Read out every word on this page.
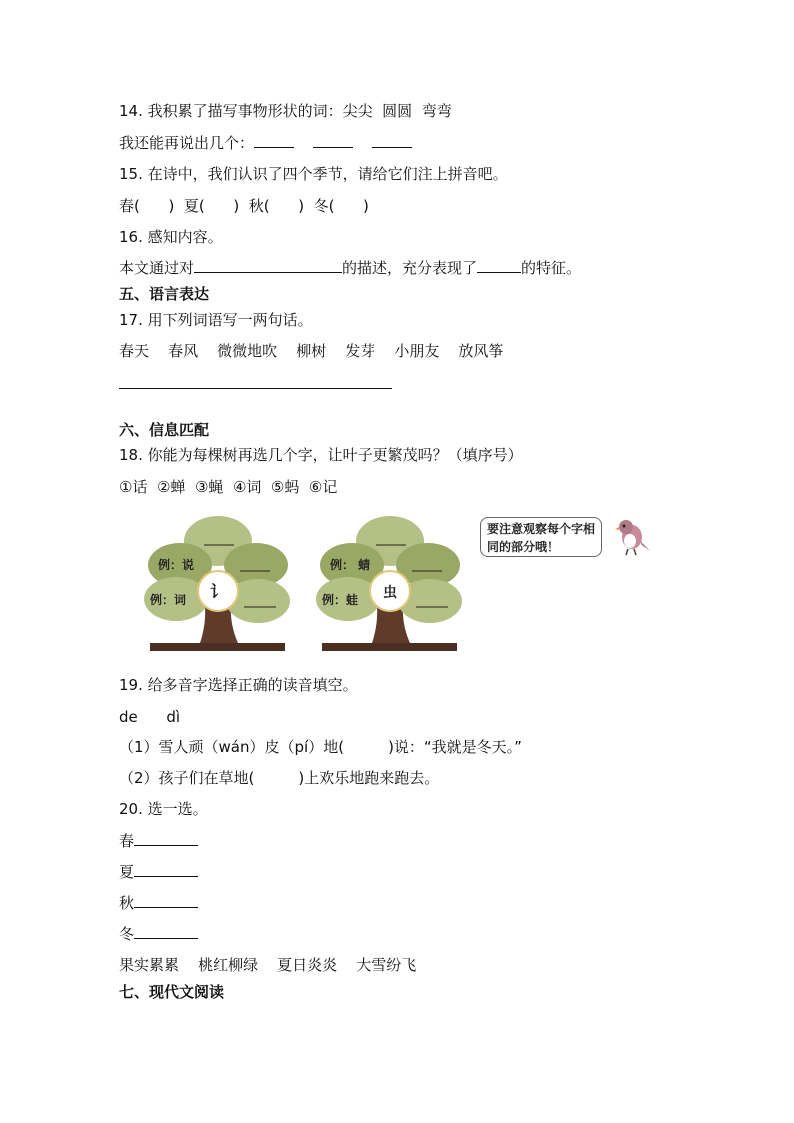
14. 我积累了描写事物形状的词：尖尖  圆圆  弯弯
我还能再说出几个：
15. 在诗中，我们认识了四个季节，请给它们注上拼音吧。
春( )  夏( )  秋( )  冬( )
16. 感知内容。
本文通过对	的描述，充分表现了	的特征。
五、语言表达
17. 用下列词语写一两句话。
春天    春风    微微地吹    柳树    发芽    小朋友    放风筝
六、信息匹配
18. 你能为每棵树再选几个字，让叶子更繁茂吗？（填序号）
①话  ②蝉  ③蝇  ④词  ⑤蚂  ⑥记
讠
例：说
例：词	虫
例： 蜻
例：蛙
要注意观察每个字相同的部分哦！
19. 给多音字选择正确的读音填空。
de      dì
（1）雪人顽（wán）皮（pí）地(	)说：“我就是冬天。”
（2）孩子们在草地(	)上欢乐地跑来跑去。
20. 选一选。
春
夏
秋
冬
果实累累    桃红柳绿    夏日炎炎    大雪纷飞
七、现代文阅读
